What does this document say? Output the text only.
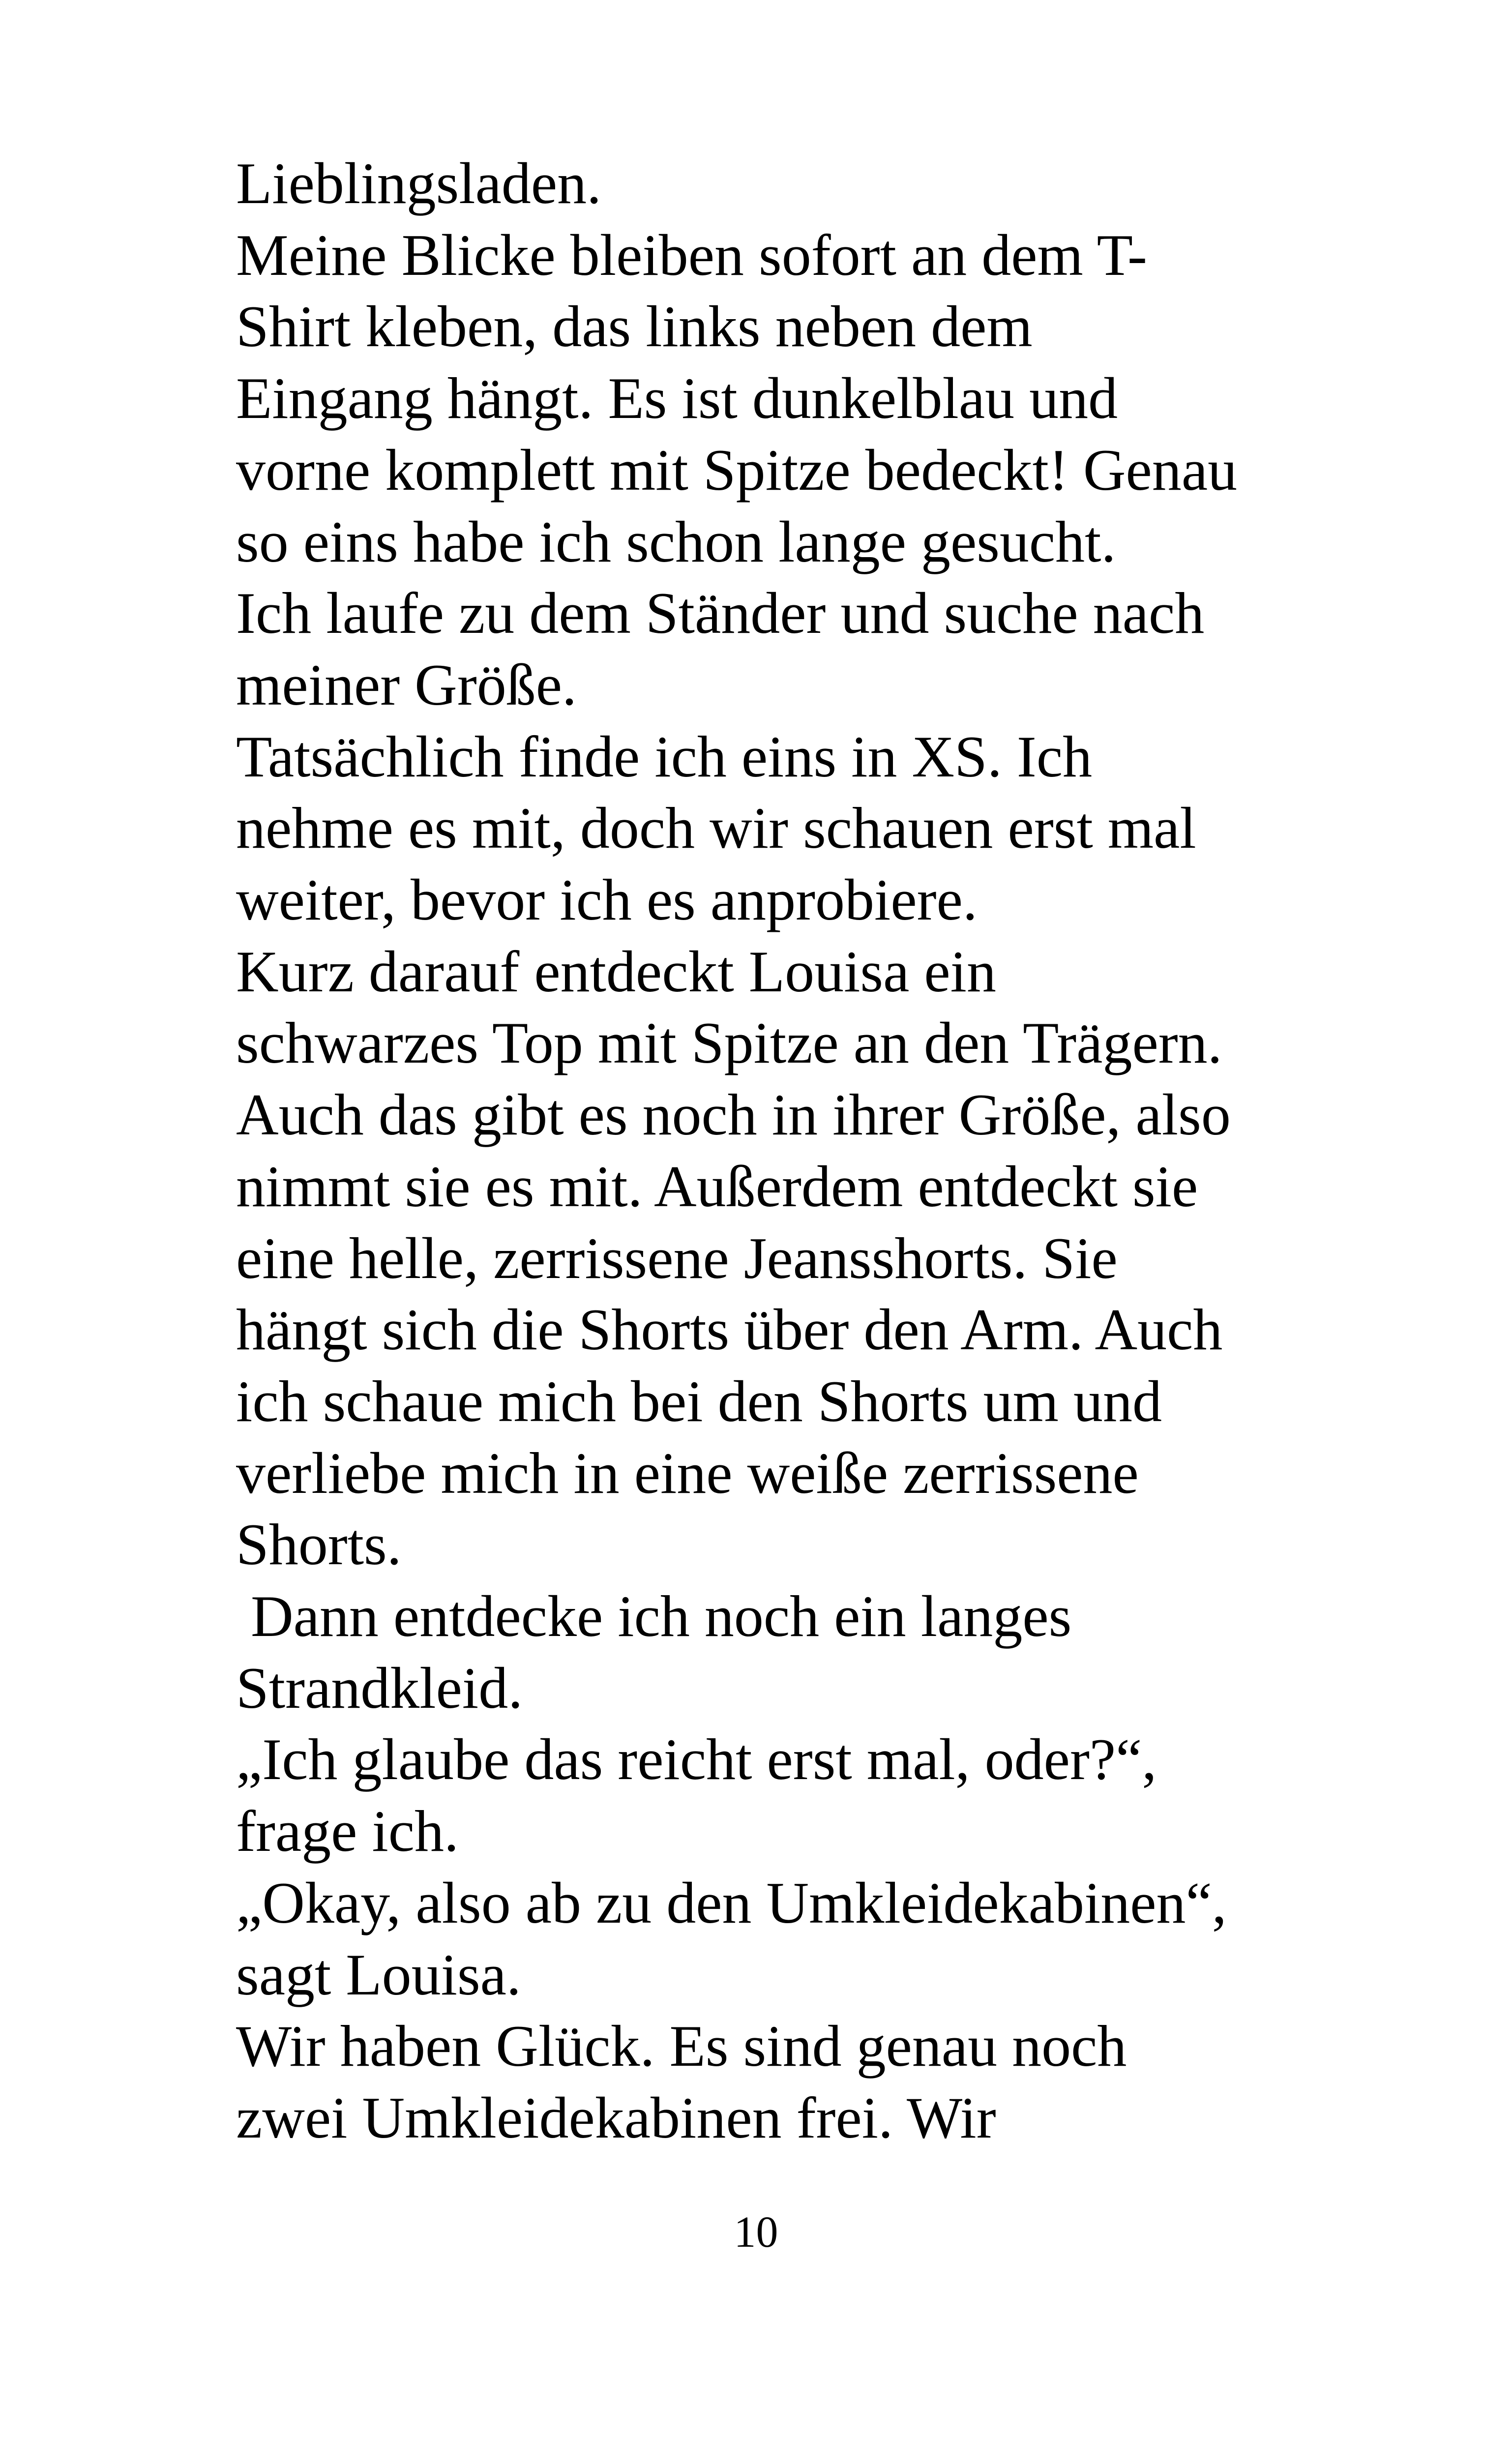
Lieblingsladen.
Meine Blicke bleiben sofort an dem T-
Shirt kleben, das links neben dem
Eingang hängt. Es ist dunkelblau und
vorne komplett mit Spitze bedeckt! Genau
so eins habe ich schon lange gesucht.
Ich laufe zu dem Ständer und suche nach
meiner Größe.
Tatsächlich finde ich eins in XS. Ich
nehme es mit, doch wir schauen erst mal
weiter, bevor ich es anprobiere.
Kurz darauf entdeckt Louisa ein
schwarzes Top mit Spitze an den Trägern.
Auch das gibt es noch in ihrer Größe, also
nimmt sie es mit. Außerdem entdeckt sie
eine helle, zerrissene Jeansshorts. Sie
hängt sich die Shorts über den Arm. Auch
ich schaue mich bei den Shorts um und
verliebe mich in eine weiße zerrissene
Shorts.
Dann entdecke ich noch ein langes
Strandkleid.
„Ich glaube das reicht erst mal, oder?“,
frage ich.
„Okay, also ab zu den Umkleidekabinen“,
sagt Louisa.
Wir haben Glück. Es sind genau noch
zwei Umkleidekabinen frei. Wir
10
